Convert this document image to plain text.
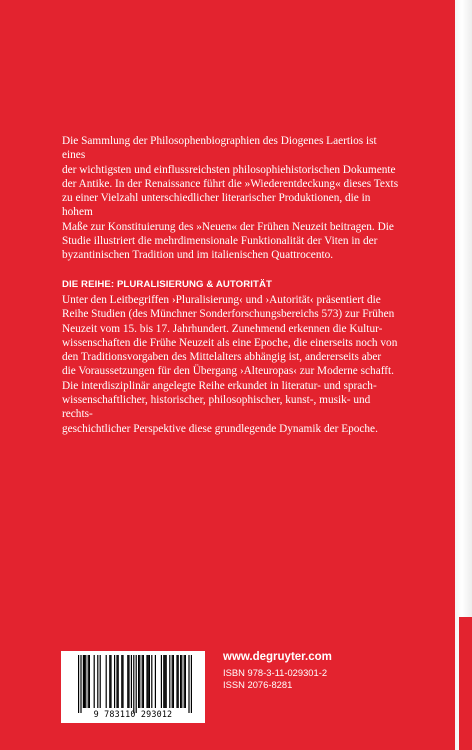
Die Sammlung der Philosophenbiographien des Diogenes Laertios ist eines
der wichtigsten und einflussreichsten philosophiehistorischen Dokumente
der Antike. In der Renaissance führt die »Wiederentdeckung« dieses Texts
zu einer Vielzahl unterschiedlicher literarischer Produktionen, die in hohem
Maße zur Konstituierung des »Neuen« der Frühen Neuzeit beitragen. Die
Studie illustriert die mehrdimensionale Funktionalität der Viten in der
byzantinischen Tradition und im italienischen Quattrocento.

DIE REIHE: PLURALISIERUNG & AUTORITÄT

Unter den Leitbegriffen ›Pluralisierung‹ und ›Autorität‹ präsentiert die
Reihe Studien (des Münchner Sonderforschungsbereichs 573) zur Frühen
Neuzeit vom 15. bis 17. Jahrhundert. Zunehmend erkennen die Kultur-
wissenschaften die Frühe Neuzeit als eine Epoche, die einerseits noch von
den Traditionsvorgaben des Mittelalters abhängig ist, andererseits aber
die Voraussetzungen für den Übergang ›Alteuropas‹ zur Moderne schafft.
Die interdisziplinär angelegte Reihe erkundet in literatur- und sprach-
wissenschaftlicher, historischer, philosophischer, kunst-, musik- und rechts-
geschichtlicher Perspektive diese grundlegende Dynamik der Epoche.

9 783110 293012
www.degruyter.com
ISBN 978-3-11-029301-2
ISSN 2076-8281
